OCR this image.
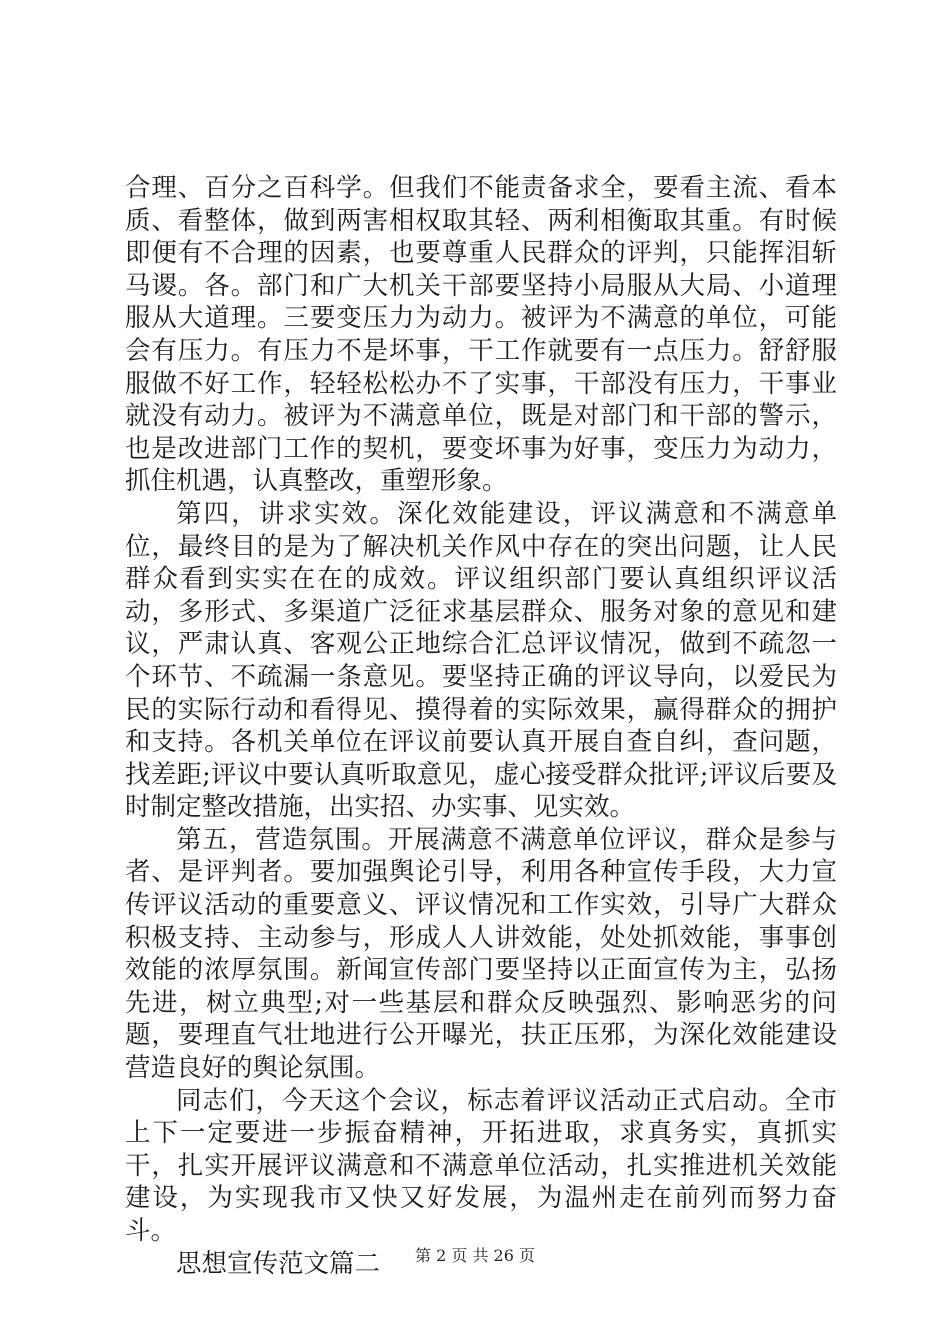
合理、百分之百科学。但我们不能责备求全，要看主流、看本质、看整体，做到两害相权取其轻、两利相衡取其重。有时候即便有不合理的因素，也要尊重人民群众的评判，只能挥泪斩马谡。各。部门和广大机关干部要坚持小局服从大局、小道理服从大道理。三要变压力为动力。被评为不满意的单位，可能会有压力。有压力不是坏事，干工作就要有一点压力。舒舒服服做不好工作，轻轻松松办不了实事，干部没有压力，干事业就没有动力。被评为不满意单位，既是对部门和干部的警示，也是改进部门工作的契机，要变坏事为好事，变压力为动力，抓住机遇，认真整改，重塑形象。

第四，讲求实效。深化效能建设，评议满意和不满意单位，最终目的是为了解决机关作风中存在的突出问题，让人民群众看到实实在在的成效。评议组织部门要认真组织评议活动，多形式、多渠道广泛征求基层群众、服务对象的意见和建议，严肃认真、客观公正地综合汇总评议情况，做到不疏忽一个环节、不疏漏一条意见。要坚持正确的评议导向，以爱民为民的实际行动和看得见、摸得着的实际效果，赢得群众的拥护和支持。各机关单位在评议前要认真开展自查自纠，查问题，找差距;评议中要认真听取意见，虚心接受群众批评;评议后要及时制定整改措施，出实招、办实事、见实效。

第五，营造氛围。开展满意不满意单位评议，群众是参与者、是评判者。要加强舆论引导，利用各种宣传手段，大力宣传评议活动的重要意义、评议情况和工作实效，引导广大群众积极支持、主动参与，形成人人讲效能，处处抓效能，事事创效能的浓厚氛围。新闻宣传部门要坚持以正面宣传为主，弘扬先进，树立典型;对一些基层和群众反映强烈、影响恶劣的问题，要理直气壮地进行公开曝光，扶正压邪，为深化效能建设营造良好的舆论氛围。

同志们，今天这个会议，标志着评议活动正式启动。全市上下一定要进一步振奋精神，开拓进取，求真务实，真抓实干，扎实开展评议满意和不满意单位活动，扎实推进机关效能建设，为实现我市又快又好发展，为温州走在前列而努力奋斗。

思想宣传范文篇二	第 2 页 共 26 页
